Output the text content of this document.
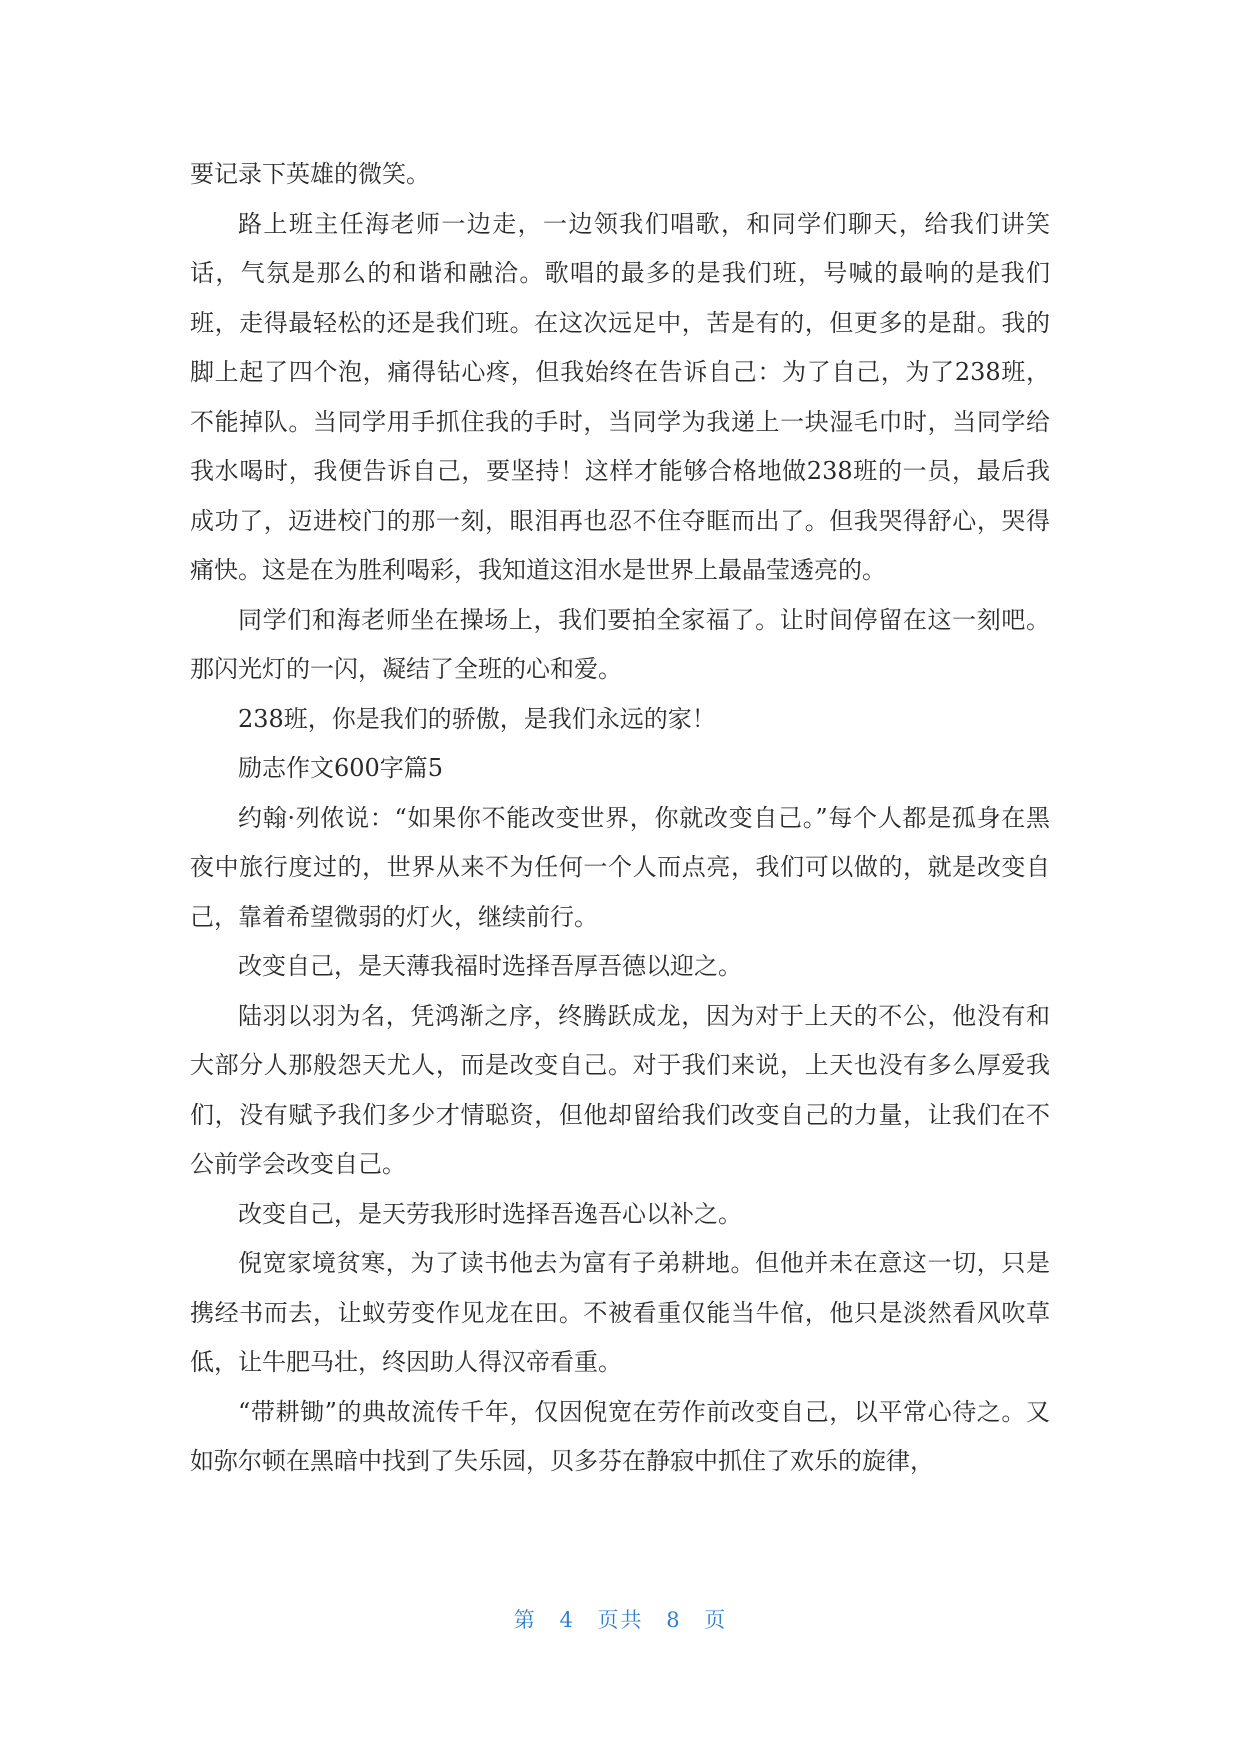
要记录下英雄的微笑。

路上班主任海老师一边走，一边领我们唱歌，和同学们聊天，给我们讲笑话，气氛是那么的和谐和融洽。歌唱的最多的是我们班，号喊的最响的是我们班，走得最轻松的还是我们班。在这次远足中，苦是有的，但更多的是甜。我的脚上起了四个泡，痛得钻心疼，但我始终在告诉自己：为了自己，为了238班，不能掉队。当同学用手抓住我的手时，当同学为我递上一块湿毛巾时，当同学给我水喝时，我便告诉自己，要坚持！这样才能够合格地做238班的一员，最后我成功了，迈进校门的那一刻，眼泪再也忍不住夺眶而出了。但我哭得舒心，哭得痛快。这是在为胜利喝彩，我知道这泪水是世界上最晶莹透亮的。

同学们和海老师坐在操场上，我们要拍全家福了。让时间停留在这一刻吧。那闪光灯的一闪，凝结了全班的心和爱。

238班，你是我们的骄傲，是我们永远的家！

励志作文600字篇5

约翰·列侬说：“如果你不能改变世界，你就改变自己。”每个人都是孤身在黑夜中旅行度过的，世界从来不为任何一个人而点亮，我们可以做的，就是改变自己，靠着希望微弱的灯火，继续前行。

改变自己，是天薄我福时选择吾厚吾德以迎之。

陆羽以羽为名，凭鸿渐之序，终腾跃成龙，因为对于上天的不公，他没有和大部分人那般怨天尤人，而是改变自己。对于我们来说，上天也没有多么厚爱我们，没有赋予我们多少才情聪资，但他却留给我们改变自己的力量，让我们在不公前学会改变自己。

改变自己，是天劳我形时选择吾逸吾心以补之。

倪宽家境贫寒，为了读书他去为富有子弟耕地。但他并未在意这一切，只是携经书而去，让蚁劳变作见龙在田。不被看重仅能当牛倌，他只是淡然看风吹草低，让牛肥马壮，终因助人得汉帝看重。

“带耕锄”的典故流传千年，仅因倪宽在劳作前改变自己，以平常心待之。又如弥尔顿在黑暗中找到了失乐园，贝多芬在静寂中抓住了欢乐的旋律，

第 4 页共 8 页
